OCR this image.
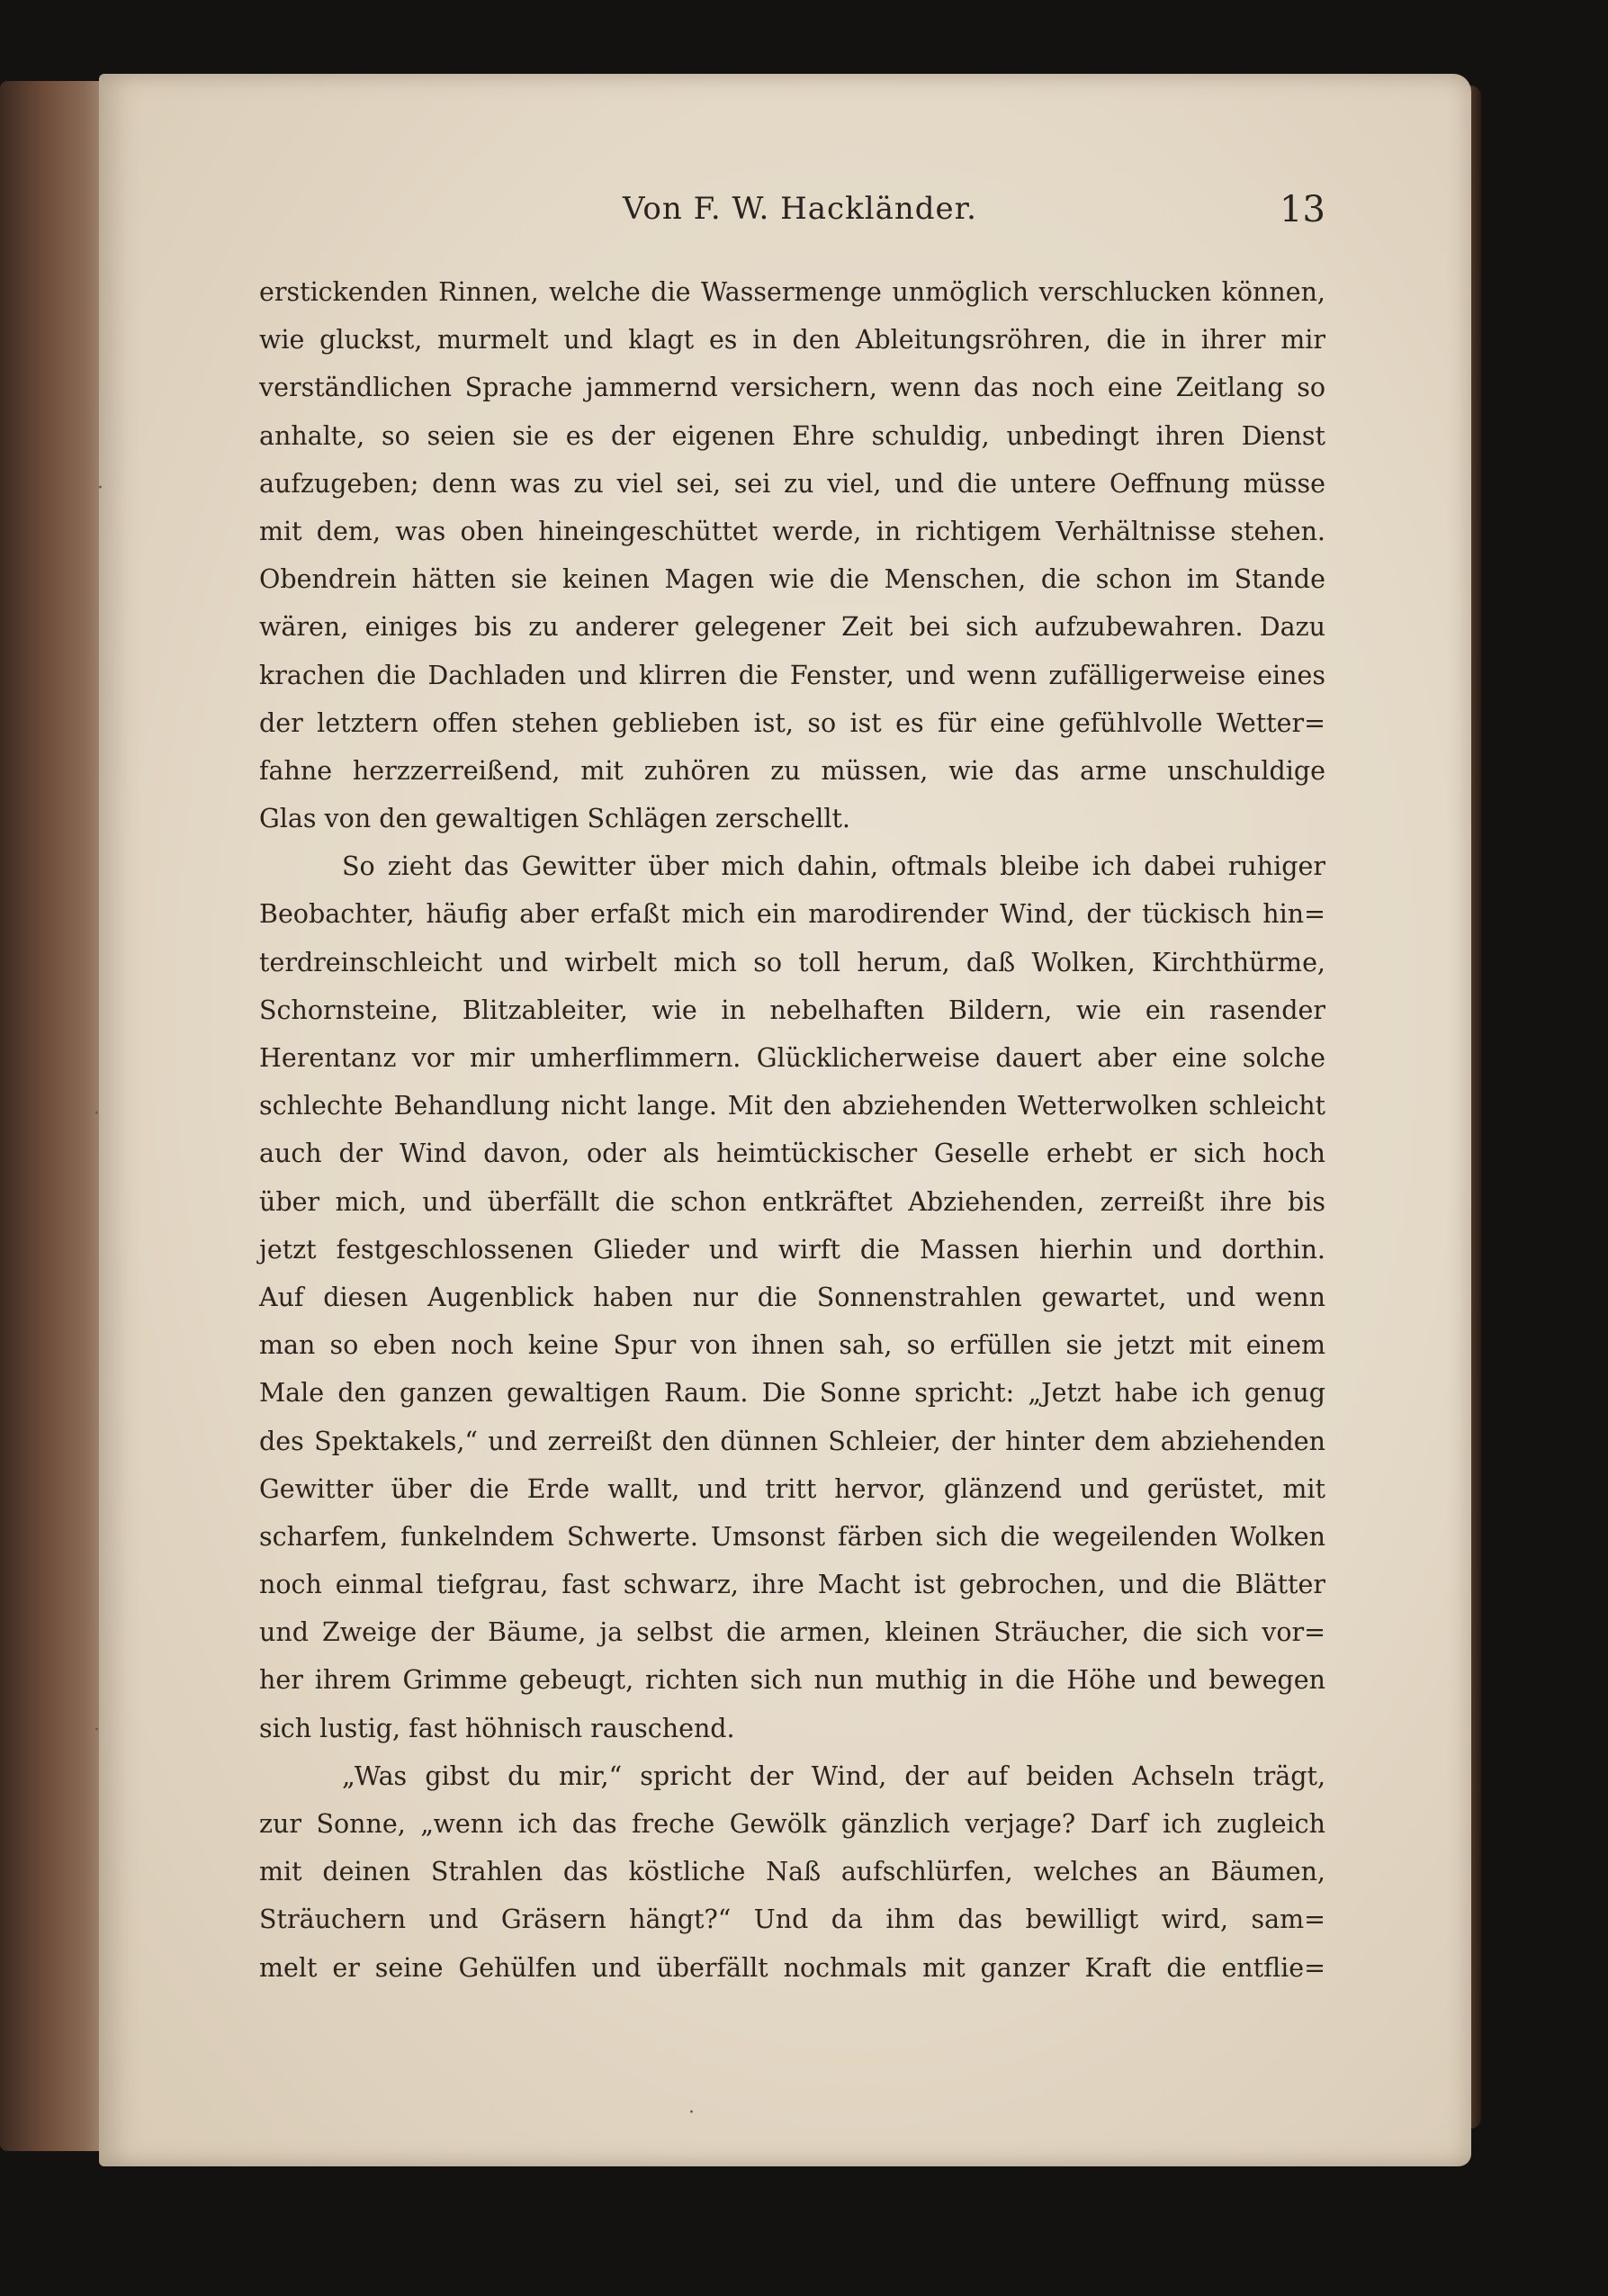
Von F. W. Hackländer.	13
erstickenden Rinnen, welche die Wassermenge unmöglich verschlucken können,
wie gluckst, murmelt und klagt es in den Ableitungsröhren, die in ihrer mir
verständlichen Sprache jammernd versichern, wenn das noch eine Zeitlang so
anhalte, so seien sie es der eigenen Ehre schuldig, unbedingt ihren Dienst
aufzugeben; denn was zu viel sei, sei zu viel, und die untere Oeffnung müsse
mit dem, was oben hineingeschüttet werde, in richtigem Verhältnisse stehen.
Obendrein hätten sie keinen Magen wie die Menschen, die schon im Stande
wären, einiges bis zu anderer gelegener Zeit bei sich aufzubewahren. Dazu
krachen die Dachladen und klirren die Fenster, und wenn zufälligerweise eines
der letztern offen stehen geblieben ist, so ist es für eine gefühlvolle Wetter=
fahne herzzerreißend, mit zuhören zu müssen, wie das arme unschuldige
Glas von den gewaltigen Schlägen zerschellt.
So zieht das Gewitter über mich dahin, oftmals bleibe ich dabei ruhiger
Beobachter, häufig aber erfaßt mich ein marodirender Wind, der tückisch hin=
terdreinschleicht und wirbelt mich so toll herum, daß Wolken, Kirchthürme,
Schornsteine, Blitzableiter, wie in nebelhaften Bildern, wie ein rasender
Herentanz vor mir umherflimmern. Glücklicherweise dauert aber eine solche
schlechte Behandlung nicht lange. Mit den abziehenden Wetterwolken schleicht
auch der Wind davon, oder als heimtückischer Geselle erhebt er sich hoch
über mich, und überfällt die schon entkräftet Abziehenden, zerreißt ihre bis
jetzt festgeschlossenen Glieder und wirft die Massen hierhin und dorthin.
Auf diesen Augenblick haben nur die Sonnenstrahlen gewartet, und wenn
man so eben noch keine Spur von ihnen sah, so erfüllen sie jetzt mit einem
Male den ganzen gewaltigen Raum. Die Sonne spricht: „Jetzt habe ich genug
des Spektakels,“ und zerreißt den dünnen Schleier, der hinter dem abziehenden
Gewitter über die Erde wallt, und tritt hervor, glänzend und gerüstet, mit
scharfem, funkelndem Schwerte. Umsonst färben sich die wegeilenden Wolken
noch einmal tiefgrau, fast schwarz, ihre Macht ist gebrochen, und die Blätter
und Zweige der Bäume, ja selbst die armen, kleinen Sträucher, die sich vor=
her ihrem Grimme gebeugt, richten sich nun muthig in die Höhe und bewegen
sich lustig, fast höhnisch rauschend.
„Was gibst du mir,“ spricht der Wind, der auf beiden Achseln trägt,
zur Sonne, „wenn ich das freche Gewölk gänzlich verjage? Darf ich zugleich
mit deinen Strahlen das köstliche Naß aufschlürfen, welches an Bäumen,
Sträuchern und Gräsern hängt?“ Und da ihm das bewilligt wird, sam=
melt er seine Gehülfen und überfällt nochmals mit ganzer Kraft die entflie=
·
·
·
·
